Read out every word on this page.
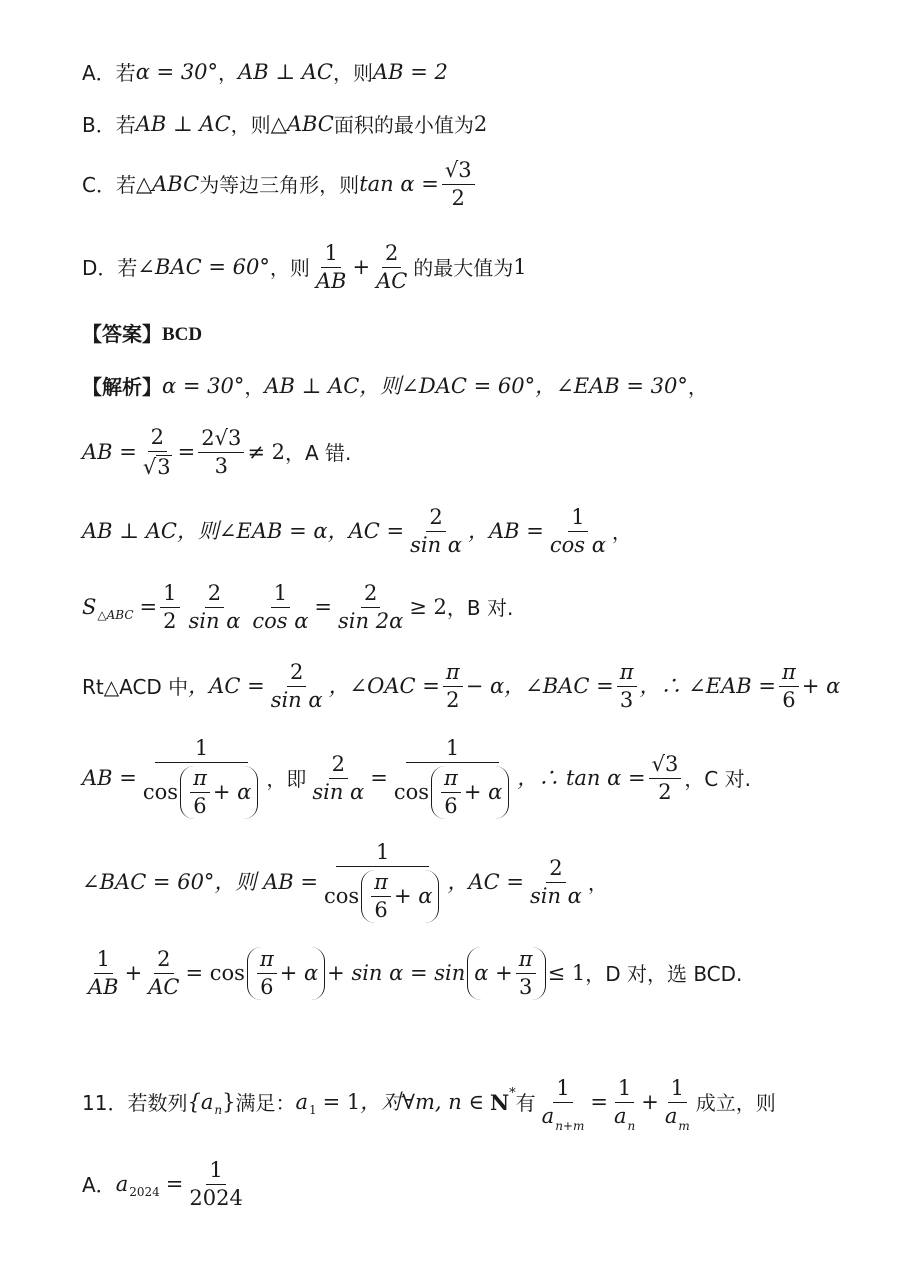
A．若 α = 30° ， AB ⊥ AC ，则 AB = 2
B．若 AB ⊥ AC ，则 △ABC 面积的最小值为 2
C．若 △ABC 为等边三角形，则 $\tan \alpha = \frac{√3}{2}$
D．若 ∠BAC = 60° ，则 $\frac{1}{AB} + \frac{2}{AC}$ 的最大值为 1
【答案】 BCD
【解析】 α = 30° ， AB ⊥ AC ，则∠DAC = 60° ，∠EAB = 30° ，
AB = $\frac{2}{√ 3} = \frac{2√3}{3} \ne 2$ ，A 错.
AB ⊥ AC ，则∠EAB = α ，AC = $\frac{2}{\text{sin α}}$ ，AB = $\frac{1}{\text{cos α}}$ ，
S △ABC = $\frac{1}{2} \frac{2}{\text{sin α}} \frac{1}{\text{cos α}} = \frac{2}{\sin 2\alpha} \ge 2$ ，B 对.
Rt△ACD 中 ，AC = $\frac{2}{\text{sin α}}$ ，∠OAC = $\frac{\pi}{2} - \alpha$ ，∠BAC = $\frac{\pi}{3}$ ，∴ ∠EAB = $\frac{\pi}{6} + \alpha$
AB =
1
$\cos \frac{\pi}{6} + \alpha$
，即 $\frac{2}{\text{sin α}}$ =
1
$\cos \frac{\pi}{6} + \alpha$
，∴ $\tan \alpha = \frac{√3}{2}$ ，C 对.
∠BAC = 60° ，则 AB =
1
$\cos \frac{\pi}{6} + \alpha$
，AC = $\frac{2}{\text{sin α}}$ ，
$\frac{1}{AB} + \frac{2}{AC} = \cos \frac{\pi}{6} + \alpha + \sin \alpha = \sin \alpha + \frac{\pi}{3} \le 1$ ，D 对，选 BCD.
11．若数列 {a n } 满足： a 1 = 1 ，对∀m, n ∈ N * 有 $\frac{1}{a_{n+m}} = \frac{1}{a_n} + \frac{1}{a_m}$ 成立，则
A． a $2024 = \frac{1}{2024}$
